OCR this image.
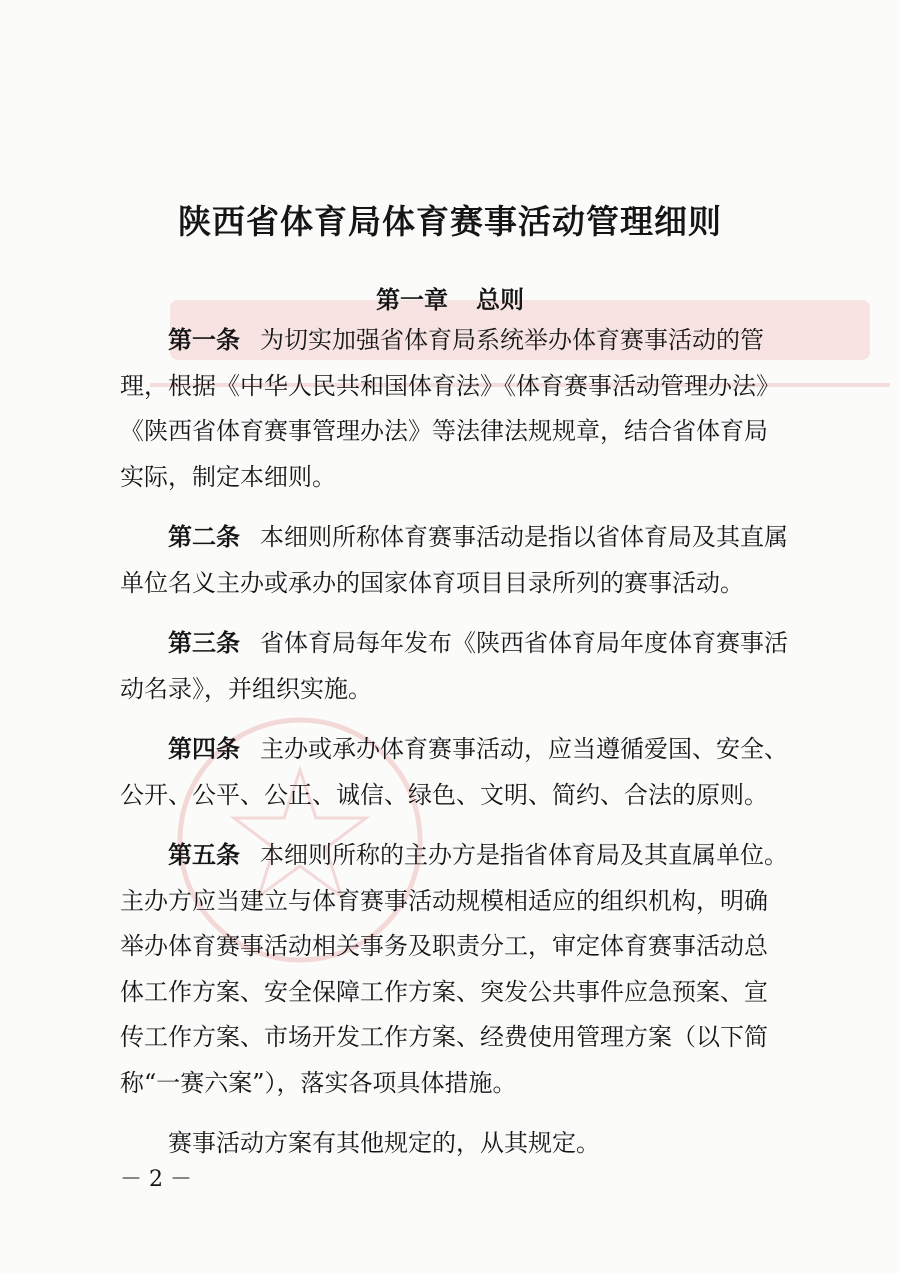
陕西省体育局体育赛事活动管理细则
第一章 总则

第一条 为切实加强省体育局系统举办体育赛事活动的管理，根据《中华人民共和国体育法》《体育赛事活动管理办法》《陕西省体育赛事管理办法》等法律法规规章，结合省体育局实际，制定本细则。

第二条 本细则所称体育赛事活动是指以省体育局及其直属单位名义主办或承办的国家体育项目目录所列的赛事活动。

第三条 省体育局每年发布《陕西省体育局年度体育赛事活动名录》，并组织实施。

第四条 主办或承办体育赛事活动，应当遵循爱国、安全、公开、公平、公正、诚信、绿色、文明、简约、合法的原则。

第五条 本细则所称的主办方是指省体育局及其直属单位。主办方应当建立与体育赛事活动规模相适应的组织机构，明确举办体育赛事活动相关事务及职责分工，审定体育赛事活动总体工作方案、安全保障工作方案、突发公共事件应急预案、宣传工作方案、市场开发工作方案、经费使用管理方案（以下简称“一赛六案”），落实各项具体措施。

赛事活动方案有其他规定的，从其规定。

－ 2 －
